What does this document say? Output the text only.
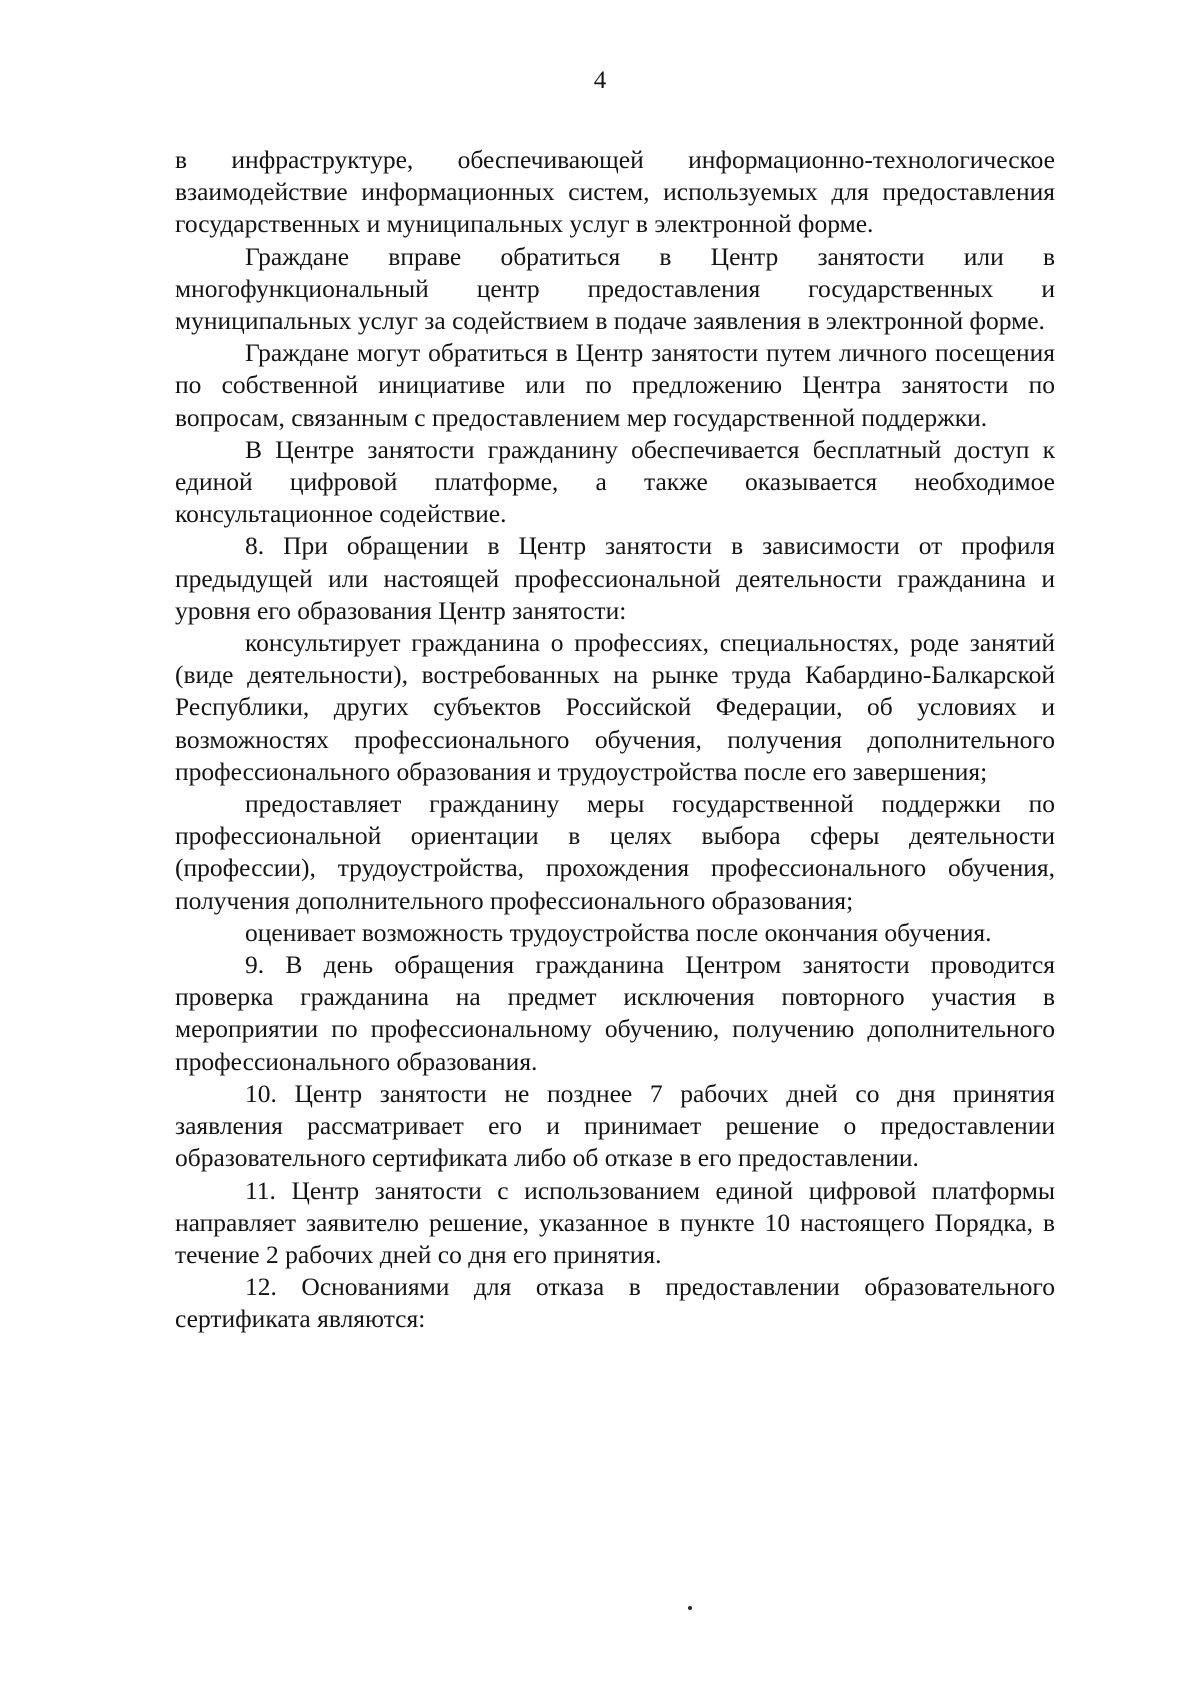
4

в инфраструктуре, обеспечивающей информационно-технологическое взаимодействие информационных систем, используемых для предоставления государственных и муниципальных услуг в электронной форме.

Граждане вправе обратиться в Центр занятости или в многофункциональный центр предоставления государственных и муниципальных услуг за содействием в подаче заявления в электронной форме.

Граждане могут обратиться в Центр занятости путем личного посещения по собственной инициативе или по предложению Центра занятости по вопросам, связанным с предоставлением мер государственной поддержки.

В Центре занятости гражданину обеспечивается бесплатный доступ к единой цифровой платформе, а также оказывается необходимое консультационное содействие.

8. При обращении в Центр занятости в зависимости от профиля предыдущей или настоящей профессиональной деятельности гражданина и уровня его образования Центр занятости:

консультирует гражданина о профессиях, специальностях, роде занятий (виде деятельности), востребованных на рынке труда Кабардино-Балкарской Республики, других субъектов Российской Федерации, об условиях и возможностях профессионального обучения, получения дополнительного профессионального образования и трудоустройства после его завершения;

предоставляет гражданину меры государственной поддержки по профессиональной ориентации в целях выбора сферы деятельности (профессии), трудоустройства, прохождения профессионального обучения, получения дополнительного профессионального образования;

оценивает возможность трудоустройства после окончания обучения.

9. В день обращения гражданина Центром занятости проводится проверка гражданина на предмет исключения повторного участия в мероприятии по профессиональному обучению, получению дополнительного профессионального образования.

10. Центр занятости не позднее 7 рабочих дней со дня принятия заявления рассматривает его и принимает решение о предоставлении образовательного сертификата либо об отказе в его предоставлении.

11. Центр занятости с использованием единой цифровой платформы направляет заявителю решение, указанное в пункте 10 настоящего Порядка, в течение 2 рабочих дней со дня его принятия.

12. Основаниями для отказа в предоставлении образовательного сертификата являются:
